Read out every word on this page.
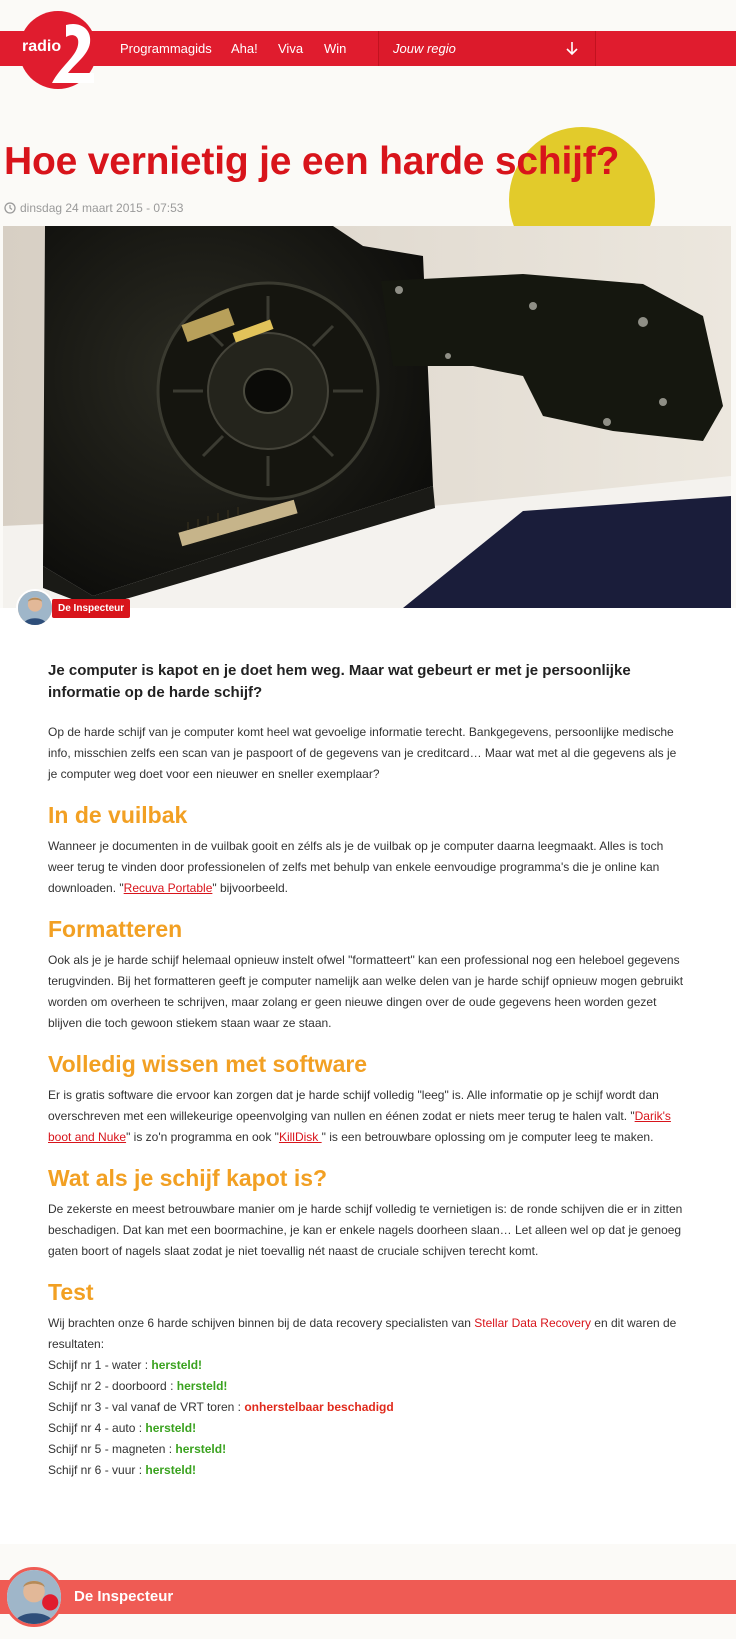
Programmagids Aha! Viva Win	Jouw regio
radio
Hoe vernietig je een harde schijf?
dinsdag 24 maart 2015 - 07:53
De Inspecteur

Je computer is kapot en je doet hem weg. Maar wat gebeurt er met je persoonlijke informatie op de harde schijf?

Op de harde schijf van je computer komt heel wat gevoelige informatie terecht. Bankgegevens, persoonlijke medische info, misschien zelfs een scan van je paspoort of de gegevens van je creditcard… Maar wat met al die gegevens als je je computer weg doet voor een nieuwer en sneller exemplaar?

In de vuilbak

Wanneer je documenten in de vuilbak gooit en zélfs als je de vuilbak op je computer daarna leegmaakt. Alles is toch weer terug te vinden door professionelen of zelfs met behulp van enkele eenvoudige programma's die je online kan downloaden. "Recuva Portable" bijvoorbeeld.

Formatteren

Ook als je je harde schijf helemaal opnieuw instelt ofwel "formatteert" kan een professional nog een heleboel gegevens terugvinden. Bij het formatteren geeft je computer namelijk aan welke delen van je harde schijf opnieuw mogen gebruikt worden om overheen te schrijven, maar zolang er geen nieuwe dingen over de oude gegevens heen worden gezet blijven die toch gewoon stiekem staan waar ze staan.

Volledig wissen met software

Er is gratis software die ervoor kan zorgen dat je harde schijf volledig "leeg" is. Alle informatie op je schijf wordt dan overschreven met een willekeurige opeenvolging van nullen en éénen zodat er niets meer terug te halen valt. "Darik's boot and Nuke" is zo'n programma en ook "KillDisk " is een betrouwbare oplossing om je computer leeg te maken.

Wat als je schijf kapot is?

De zekerste en meest betrouwbare manier om je harde schijf volledig te vernietigen is: de ronde schijven die er in zitten beschadigen. Dat kan met een boormachine, je kan er enkele nagels doorheen slaan… Let alleen wel op dat je genoeg gaten boort of nagels slaat zodat je niet toevallig nét naast de cruciale schijven terecht komt.

Test

Wij brachten onze 6 harde schijven binnen bij de data recovery specialisten van Stellar Data Recovery en dit waren de resultaten:

Schijf nr 1 - water : hersteld!
Schijf nr 2 - doorboord : hersteld!
Schijf nr 3 - val vanaf de VRT toren : onherstelbaar beschadigd
Schijf nr 4 - auto : hersteld!
Schijf nr 5 - magneten : hersteld!
Schijf nr 6 - vuur : hersteld!
De Inspecteur
